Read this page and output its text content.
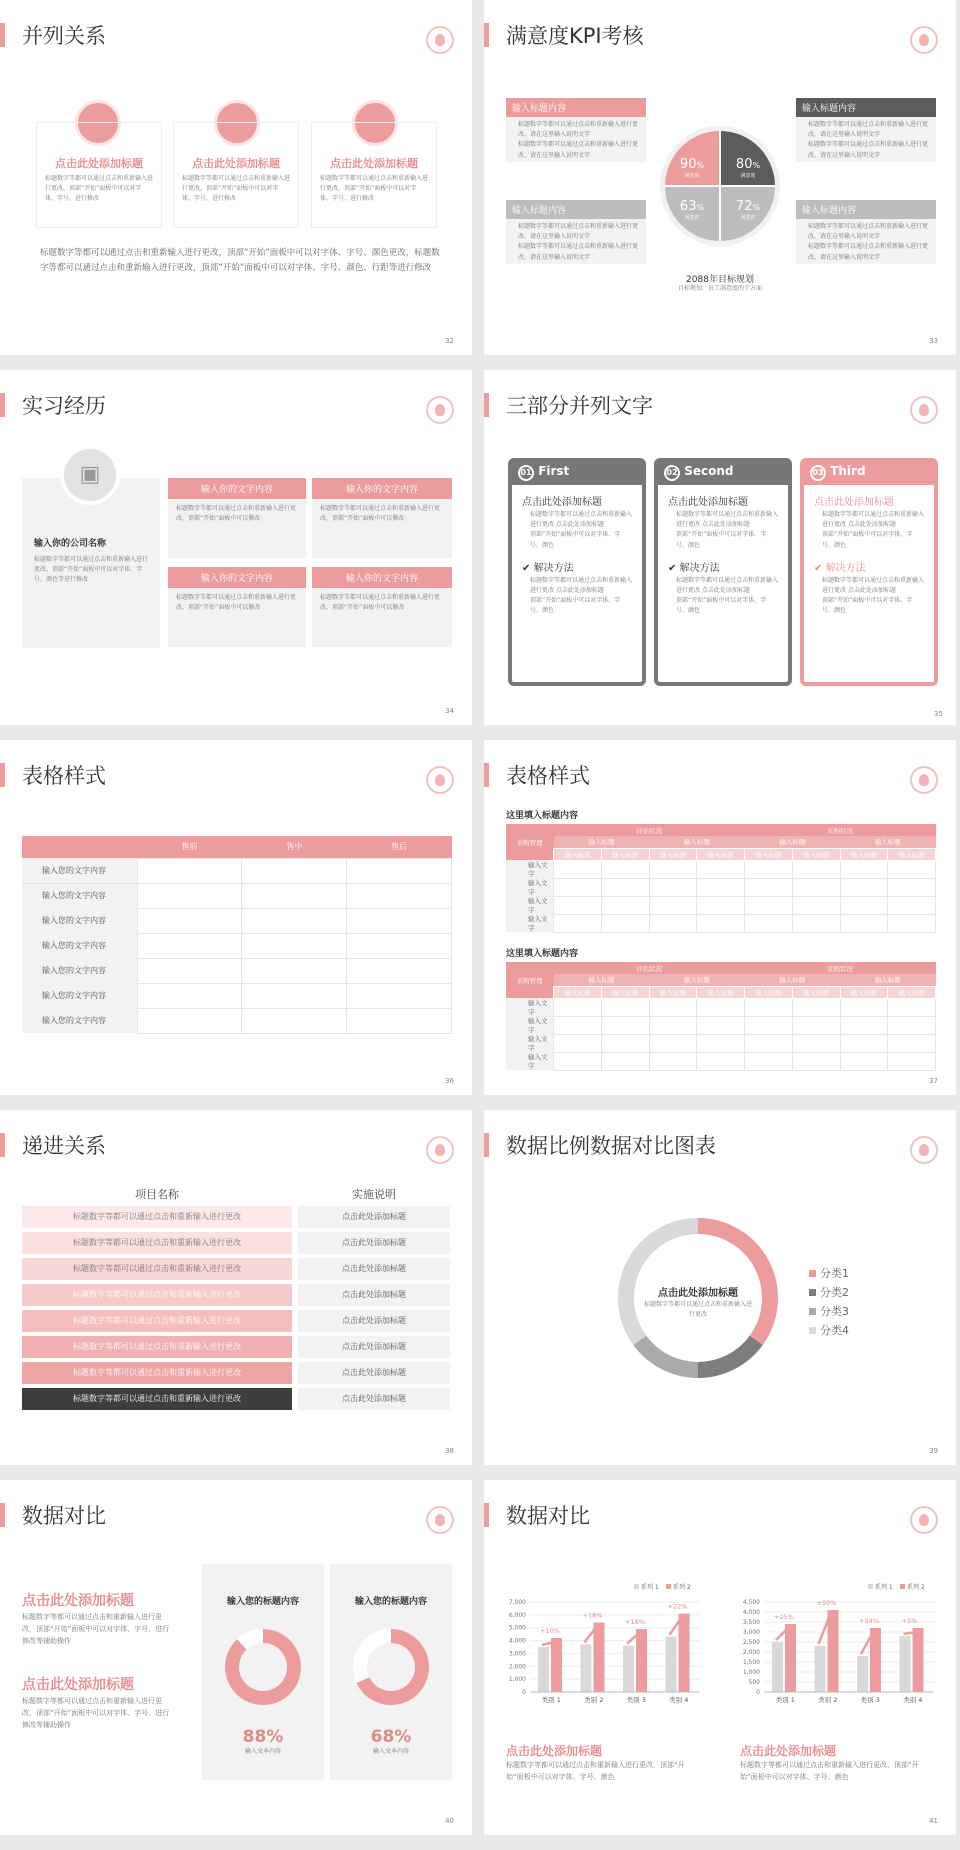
并列关系
点击此处添加标题
标题数字等都可以通过点击和重新输入进行更改，顶部“开始”面板中可以对字体、字号、进行修改
点击此处添加标题
标题数字等都可以通过点击和重新输入进行更改，顶部“开始”面板中可以对字体、字号、进行修改
点击此处添加标题
标题数字等都可以通过点击和重新输入进行更改，顶部“开始”面板中可以对字体、字号、进行修改
标题数字等都可以通过点击和重新输入进行更改，顶部“开始”面板中可以对字体、字号、颜色更改，标题数字等都可以通过点击和重新输入进行更改，顶部“开始”面板中可以对字体、字号、颜色、行距等进行修改
32
满意度KPI考核
输入标题内容
标题数字等都可以通过点击和重新输入进行更改，请在这里输入说明文字
标题数字等都可以通过点击和重新输入进行更改，请在这里输入说明文字
输入标题内容
标题数字等都可以通过点击和重新输入进行更改，请在这里输入说明文字
标题数字等都可以通过点击和重新输入进行更改，请在这里输入说明文字
输入标题内容
标题数字等都可以通过点击和重新输入进行更改，请在这里输入说明文字
标题数字等都可以通过点击和重新输入进行更改，请在这里输入说明文字
输入标题内容
标题数字等都可以通过点击和重新输入进行更改，请在这里输入说明文字
标题数字等都可以通过点击和重新输入进行更改，请在这里输入说明文字
90%
满意度
80%
满意度
63%
满意度
72%
满意度
2088年目标规划
目标规划：员工满意度的个方面
33
实习经历
输入你的公司名称
标题数字等都可以通过点击和重新输入进行更改，顶部“开始”面板中可以对字体、字号、颜色等进行修改
▣
输入你的文字内容
标题数字等都可以通过点击和重新输入进行更改，顶部“开始”面板中可以修改
输入你的文字内容
标题数字等都可以通过点击和重新输入进行更改，顶部“开始”面板中可以修改
输入你的文字内容
标题数字等都可以通过点击和重新输入进行更改，顶部“开始”面板中可以修改
输入你的文字内容
标题数字等都可以通过点击和重新输入进行更改，顶部“开始”面板中可以修改
34
三部分并列文字
01 First
点击此处添加标题
标题数字等都可以通过点击和重新输入进行更改 点击此处添加标题
顶部“开始”面板中可以对字体、字号、颜色
✔ 解决方法
标题数字等都可以通过点击和重新输入进行更改 点击此处添加标题
顶部“开始”面板中可以对字体、字号、颜色
02 Second
点击此处添加标题
标题数字等都可以通过点击和重新输入进行更改 点击此处添加标题
顶部“开始”面板中可以对字体、字号、颜色
✔ 解决方法
标题数字等都可以通过点击和重新输入进行更改 点击此处添加标题
顶部“开始”面板中可以对字体、字号、颜色
03 Third
点击此处添加标题
标题数字等都可以通过点击和重新输入进行更改 点击此处添加标题
顶部“开始”面板中可以对字体、字号、颜色
✔ 解决方法
标题数字等都可以通过点击和重新输入进行更改 点击此处添加标题
顶部“开始”面板中可以对字体、字号、颜色
35
表格样式
	售前	售中	售后
输入您的文字内容			
输入您的文字内容			
输入您的文字内容			
输入您的文字内容			
输入您的文字内容			
输入您的文字内容			
输入您的文字内容			
36
表格样式
这里填入标题内容
采购管理	评估状况				采购状况			
	输入标题		输入标题		输入标题		输入标题	
	输入标题	输入标题	输入标题	输入标题	输入标题	输入标题	输入标题	输入标题
输入文字								
输入文字								
输入文字								
输入文字								
这里填入标题内容
采购管理	评估状况				采购状况			
	输入标题		输入标题		输入标题		输入标题	
	输入标题	输入标题	输入标题	输入标题	输入标题	输入标题	输入标题	输入标题
输入文字								
输入文字								
输入文字								
输入文字								
37
递进关系
项目名称	实施说明
标题数字等都可以通过点击和重新输入进行更改	点击此处添加标题
标题数字等都可以通过点击和重新输入进行更改	点击此处添加标题
标题数字等都可以通过点击和重新输入进行更改	点击此处添加标题
标题数字等都可以通过点击和重新输入进行更改	点击此处添加标题
标题数字等都可以通过点击和重新输入进行更改	点击此处添加标题
标题数字等都可以通过点击和重新输入进行更改	点击此处添加标题
标题数字等都可以通过点击和重新输入进行更改	点击此处添加标题
标题数字等都可以通过点击和重新输入进行更改	点击此处添加标题
38
数据比例数据对比图表
点击此处添加标题
标题数字等都可以通过点击和重新输入进行更改
分类1
分类2
分类3
分类4
39
数据对比
点击此处添加标题
标题数字等都可以通过点击和重新输入进行更改，顶部“开始”面板中可以对字体、字号、进行修改等辅助操作
点击此处添加标题
标题数字等都可以通过点击和重新输入进行更改，顶部“开始”面板中可以对字体、字号、进行修改等辅助操作
输入您的标题内容
88%
输入文本内容
输入您的标题内容
68%
输入文本内容
40
数据对比
0
1,000
2,000
3,000
4,000
5,000
6,000
7,000
系列 1 系列 2
类别 1
+10%
类别 2
+18%
类别 3
+16%
类别 4
+22%
0
500
1,000
1,500
2,000
2,500
3,000
3,500
4,000
4,500
系列 1 系列 2
类别 1
+25%
类别 2
+50%
类别 3
+34%
类别 4
+5%
点击此处添加标题
标题数字等都可以通过点击和重新输入进行更改，顶部“开始”面板中可以对字体、字号、颜色
点击此处添加标题
标题数字等都可以通过点击和重新输入进行更改，顶部“开始”面板中可以对字体、字号、颜色
41
